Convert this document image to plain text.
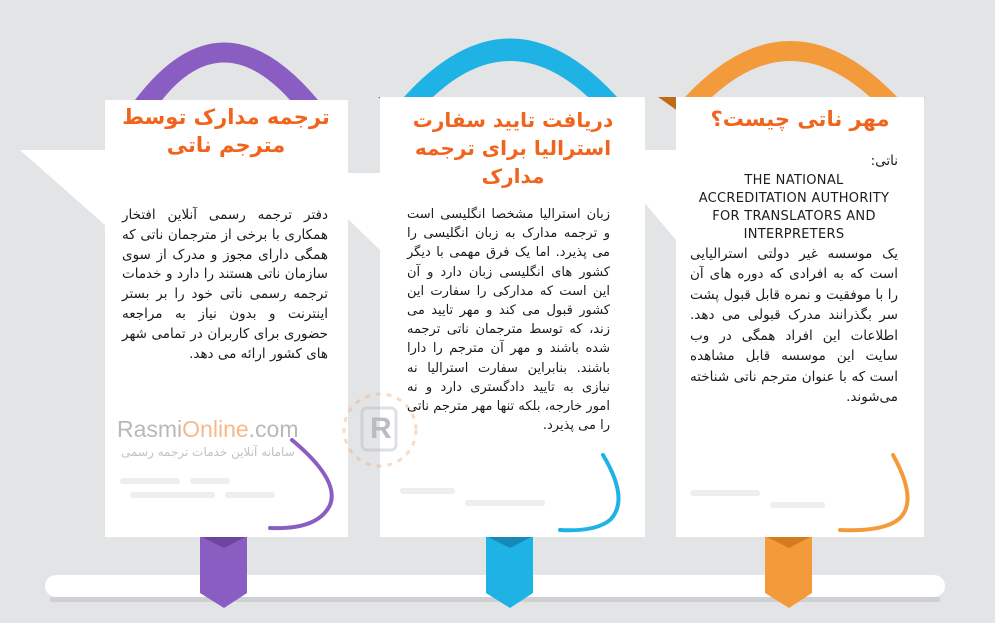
R
RasmiOnline.com
سامانه آنلاین خدمات ترجمه رسمی
مهر ناتی چیست؟
ناتی:
THE NATIONAL ACCREDITATION AUTHORITY FOR TRANSLATORS AND INTERPRETERS
یک موسسه غیر دولتی استرالیایی است که به افرادی که دوره های آن را با موفقیت و نمره قابل قبول پشت سر بگذرانند مدرک قبولی می دهد. اطلاعات این افراد همگی در وب سایت این موسسه قابل مشاهده است که با عنوان مترجم ناتی شناخته می‌شوند.
دریافت تایید سفارت استرالیا برای ترجمه مدارک
زبان استرالیا مشخصا انگلیسی است و ترجمه مدارک به زبان انگلیسی را می پذیرد. اما یک فرق مهمی با دیگر کشور های انگلیسی زبان دارد و آن این است که مدارکی را سفارت این کشور قبول می کند و مهر تایید می زند، که توسط مترجمان ناتی ترجمه شده باشند و مهر آن مترجم را دارا باشند. بنابراین سفارت استرالیا نه نیازی به تایید دادگستری دارد و نه امور خارجه، بلکه تنها مهر مترجم ناتی را می پذیرد.
ترجمه مدارک توسط مترجم ناتی
دفتر ترجمه رسمی آنلاین افتخار همکاری با برخی از مترجمان ناتی که همگی دارای مجوز و مدرک از سوی سازمان ناتی هستند را دارد و خدمات ترجمه رسمی ناتی خود را بر بستر اینترنت و بدون نیاز به مراجعه حضوری برای کاربران در تمامی شهر های کشور ارائه می دهد.
